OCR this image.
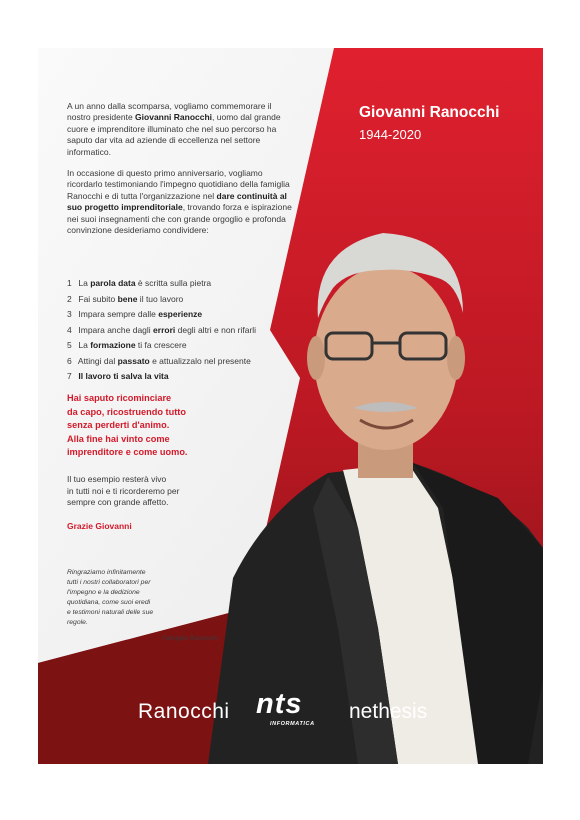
Giovanni Ranocchi
1944-2020

A un anno dalla scomparsa, vogliamo commemorare il nostro presidente Giovanni Ranocchi, uomo dal grande cuore e imprenditore illuminato che nel suo percorso ha saputo dar vita ad aziende di eccellenza nel settore informatico.

In occasione di questo primo anniversario, vogliamo ricordarlo testimoniando l'impegno quotidiano della famiglia Ranocchi e di tutta l'organizzazione nel dare continuità al suo progetto imprenditoriale, trovando forza e ispirazione nei suoi insegnamenti che con grande orgoglio e profonda convinzione desideriamo condividere:

1 La parola data è scritta sulla pietra
2 Fai subito bene il tuo lavoro
3 Impara sempre dalle esperienze
4 Impara anche dagli errori degli altri e non rifarli
5 La formazione ti fa crescere
6 Attingi dal passato e attualizzalo nel presente
7 Il lavoro ti salva la vita
Hai saputo ricominciare
da capo, ricostruendo tutto
senza perderti d'animo.
Alla fine hai vinto come
imprenditore e come uomo.
Il tuo esempio resterà vivo
in tutti noi e ti ricorderemo per
sempre con grande affetto.
Grazie Giovanni
Ringraziamo infinitamente
tutti i nostri collaboratori per
l'impegno e la dedizione
quotidiana, come suoi eredi
e testimoni naturali delle sue
regole.
Famiglia Ranocchi
Ranocchi nts
INFORMATICA
nethesis
